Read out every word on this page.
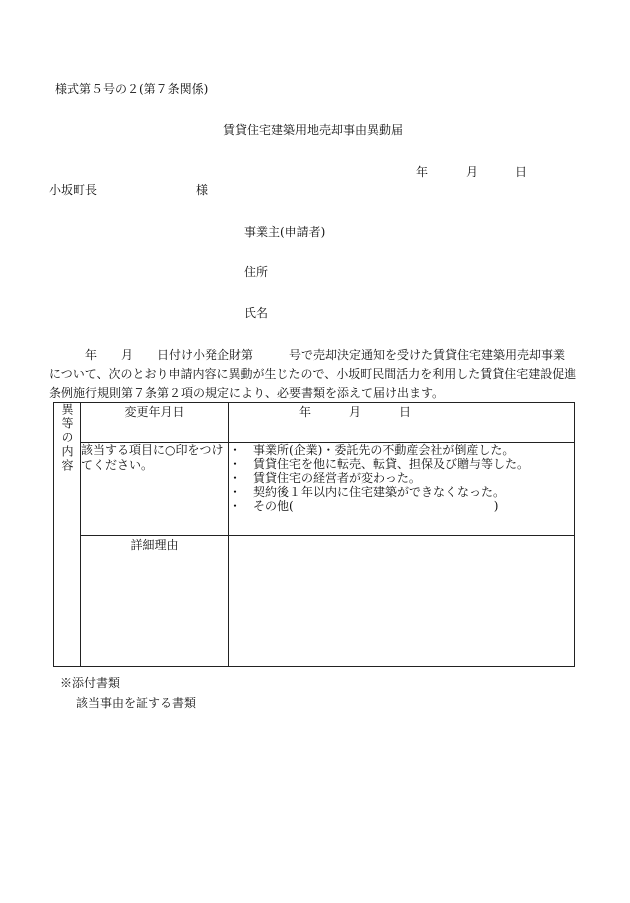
様式第５号の２(第７条関係)
賃貸住宅建築用地売却事由異動届
年	月	日
小坂町長	様
事業主(申請者)
住所
氏名
年 月 日付け小発企財第	号で売却決定通知を受けた賃貸住宅建築用売却事業
について、次のとおり申請内容に異動が生じたので、小坂町民間活力を利用した賃貸住宅建設促進
条例施行規則第７条第２項の規定により、必要書類を添えて届け出ます。
異等の内容	変更年月日	年 月 日

	該当する項目に○印をつけてください。	・ 事業所(企業)・委託先の不動産会社が倒産した。
・ 賃貸住宅を他に転売、転貸、担保及び贈与等した。
・ 賃貸住宅の経営者が変わった。
・ 契約後１年以内に住宅建築ができなくなった。
・ その他( )

	詳細理由	
※添付書類
該当事由を証する書類
